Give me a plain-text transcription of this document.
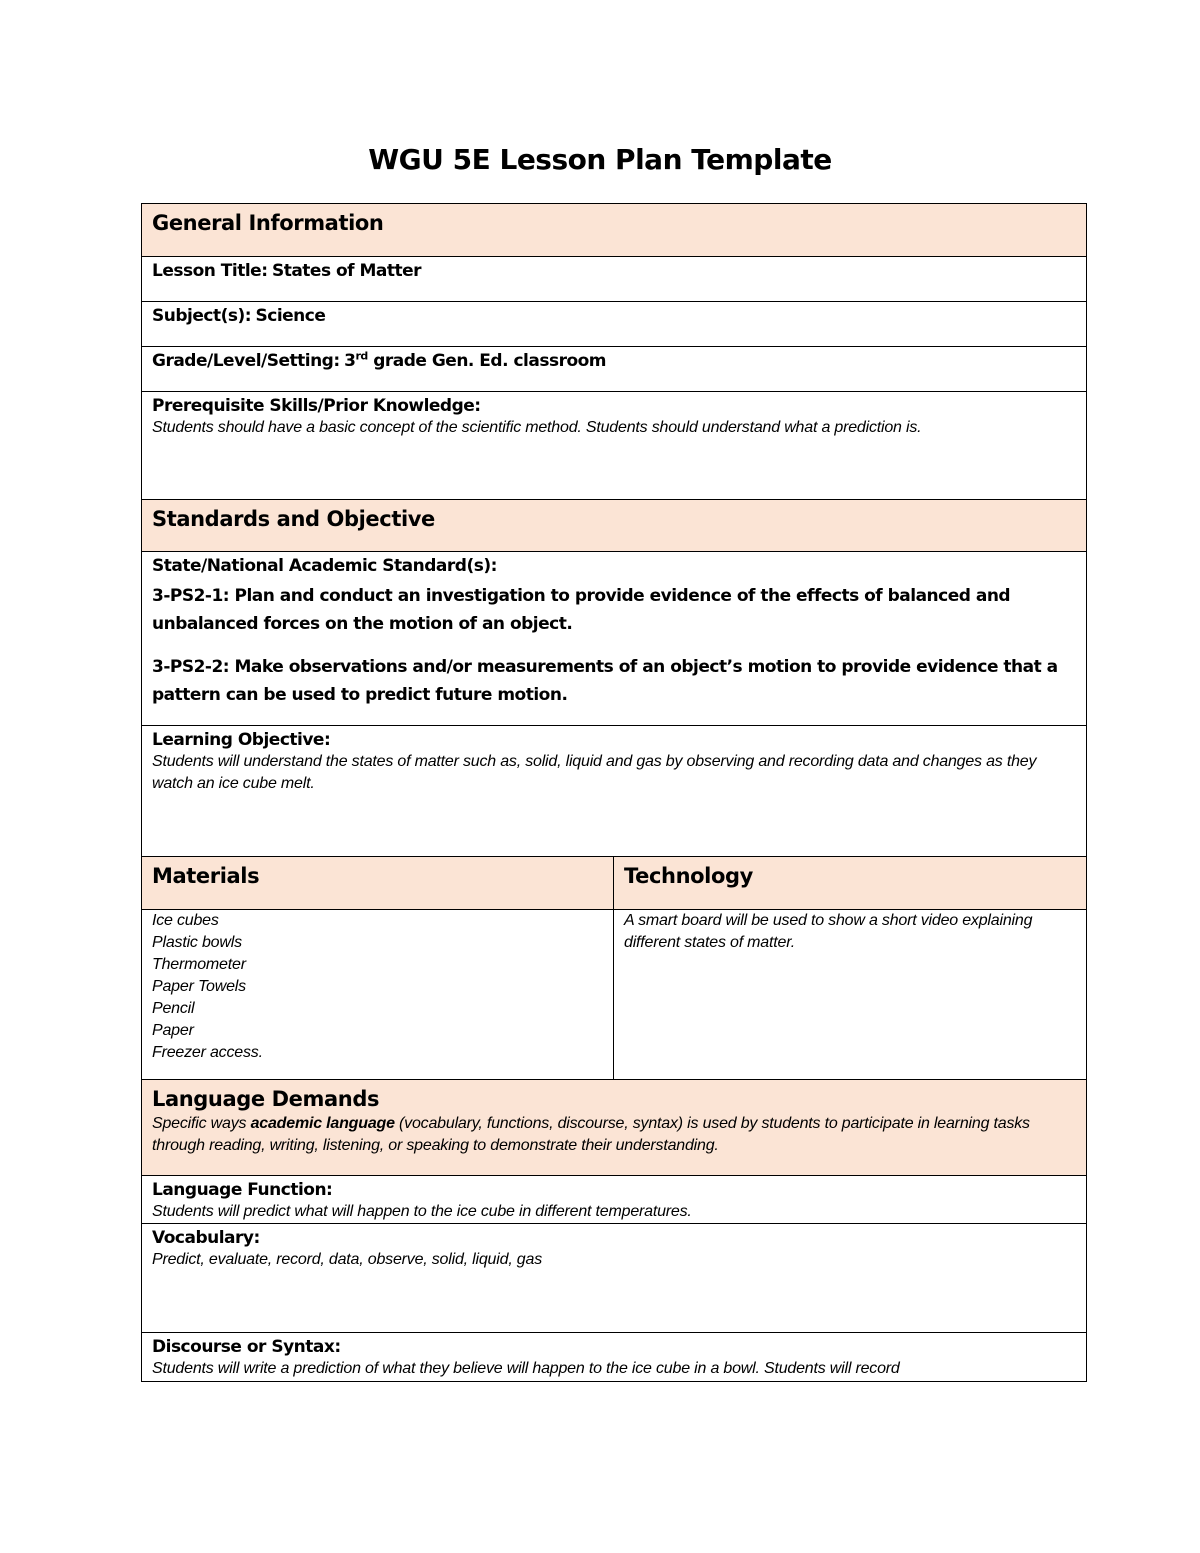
WGU 5E Lesson Plan Template
General Information
Lesson Title: States of Matter
Subject(s): Science
Grade/Level/Setting: 3rd grade Gen. Ed. classroom
Prerequisite Skills/Prior Knowledge:
Students should have a basic concept of the scientific method. Students should understand what a prediction is.
Standards and Objective
State/National Academic Standard(s):
3-PS2-1: Plan and conduct an investigation to provide evidence of the effects of balanced and unbalanced forces on the motion of an object.
3-PS2-2: Make observations and/or measurements of an object’s motion to provide evidence that a pattern can be used to predict future motion.
Learning Objective:
Students will understand the states of matter such as, solid, liquid and gas by observing and recording data and changes as they watch an ice cube melt.
Materials
Ice cubes
Plastic bowls
Thermometer
Paper Towels
Pencil
Paper
Freezer access.
Technology
A smart board will be used to show a short video explaining different states of matter.
Language Demands
Specific ways academic language (vocabulary, functions, discourse, syntax) is used by students to participate in learning tasks through reading, writing, listening, or speaking to demonstrate their understanding.
Language Function:
Students will predict what will happen to the ice cube in different temperatures.
Vocabulary:
Predict, evaluate, record, data, observe, solid, liquid, gas
Discourse or Syntax:
Students will write a prediction of what they believe will happen to the ice cube in a bowl. Students will record
